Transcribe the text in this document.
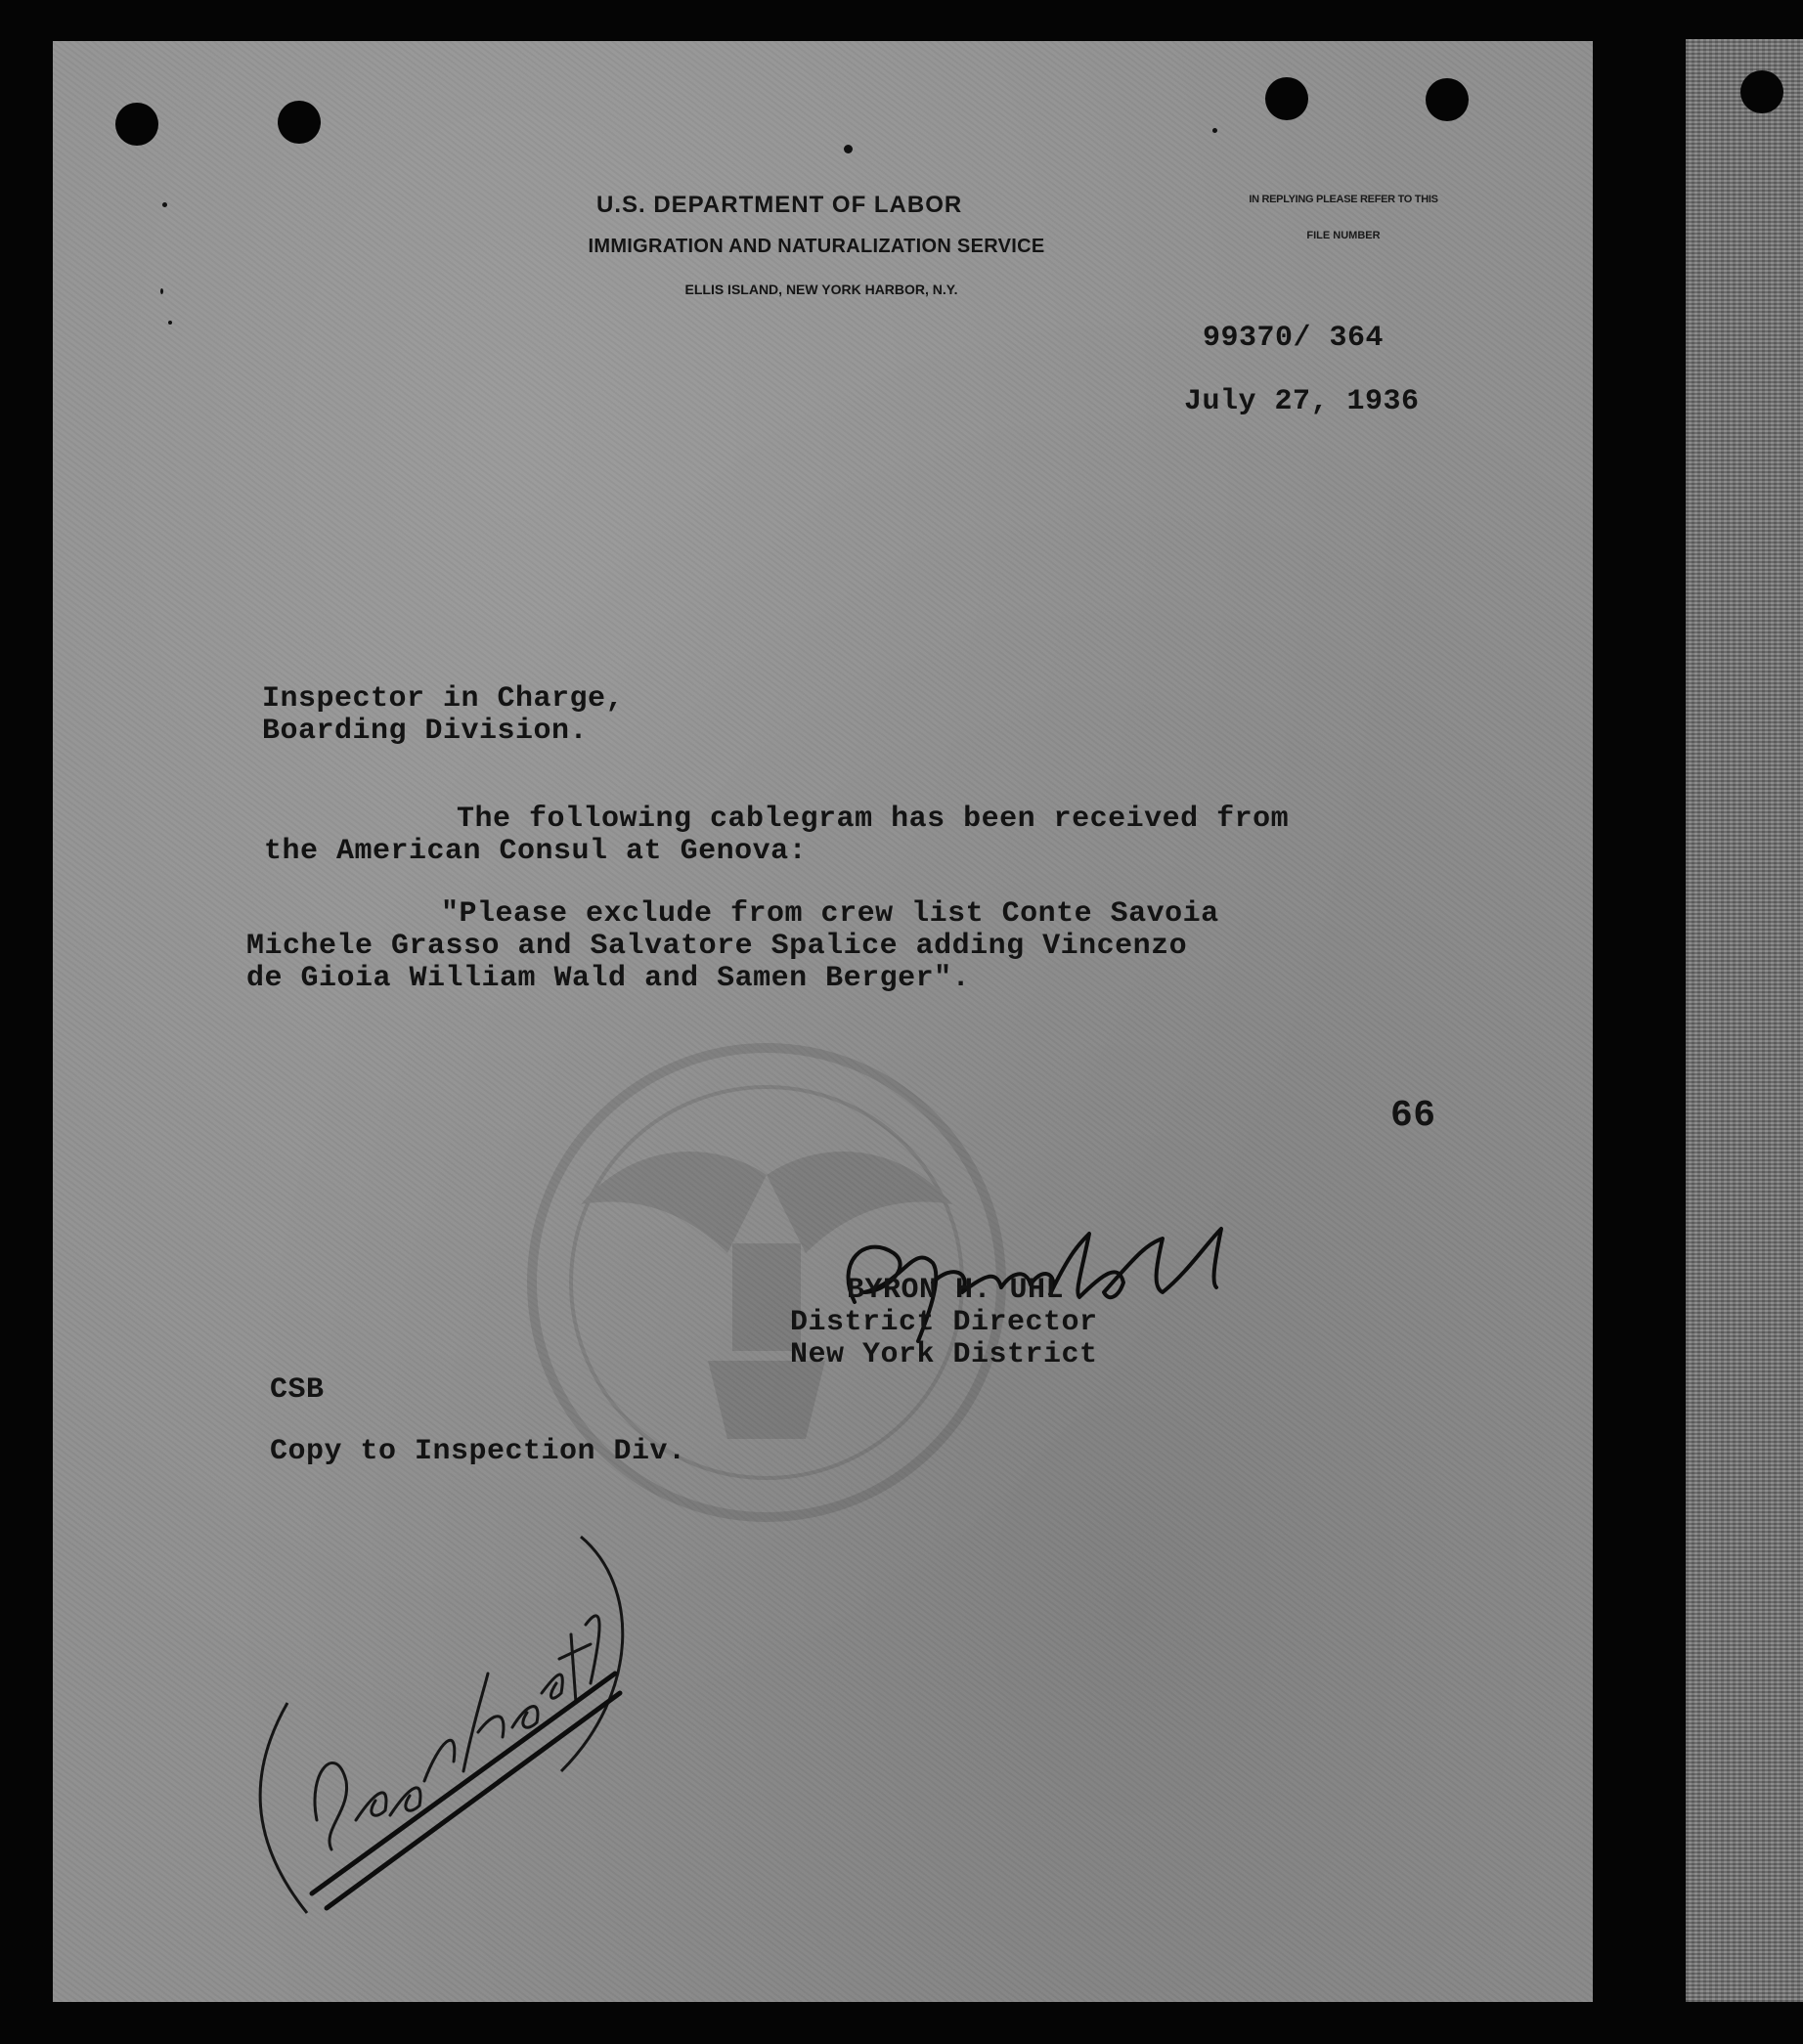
U.S. DEPARTMENT OF LABOR
IMMIGRATION AND NATURALIZATION SERVICE
ELLIS ISLAND, NEW YORK HARBOR, N.Y.
IN REPLYING PLEASE REFER TO THIS
FILE NUMBER
99370/ 364
July 27, 1936
Inspector in Charge,
Boarding Division.
The following cablegram has been received from
the American Consul at Genova:
"Please exclude from crew list Conte Savoia
Michele Grasso and Salvatore Spalice adding Vincenzo
de Gioia William Wald and Samen Berger".
66
BYRON H. UHL
District Director
New York District
CSB
Copy to Inspection Div.
